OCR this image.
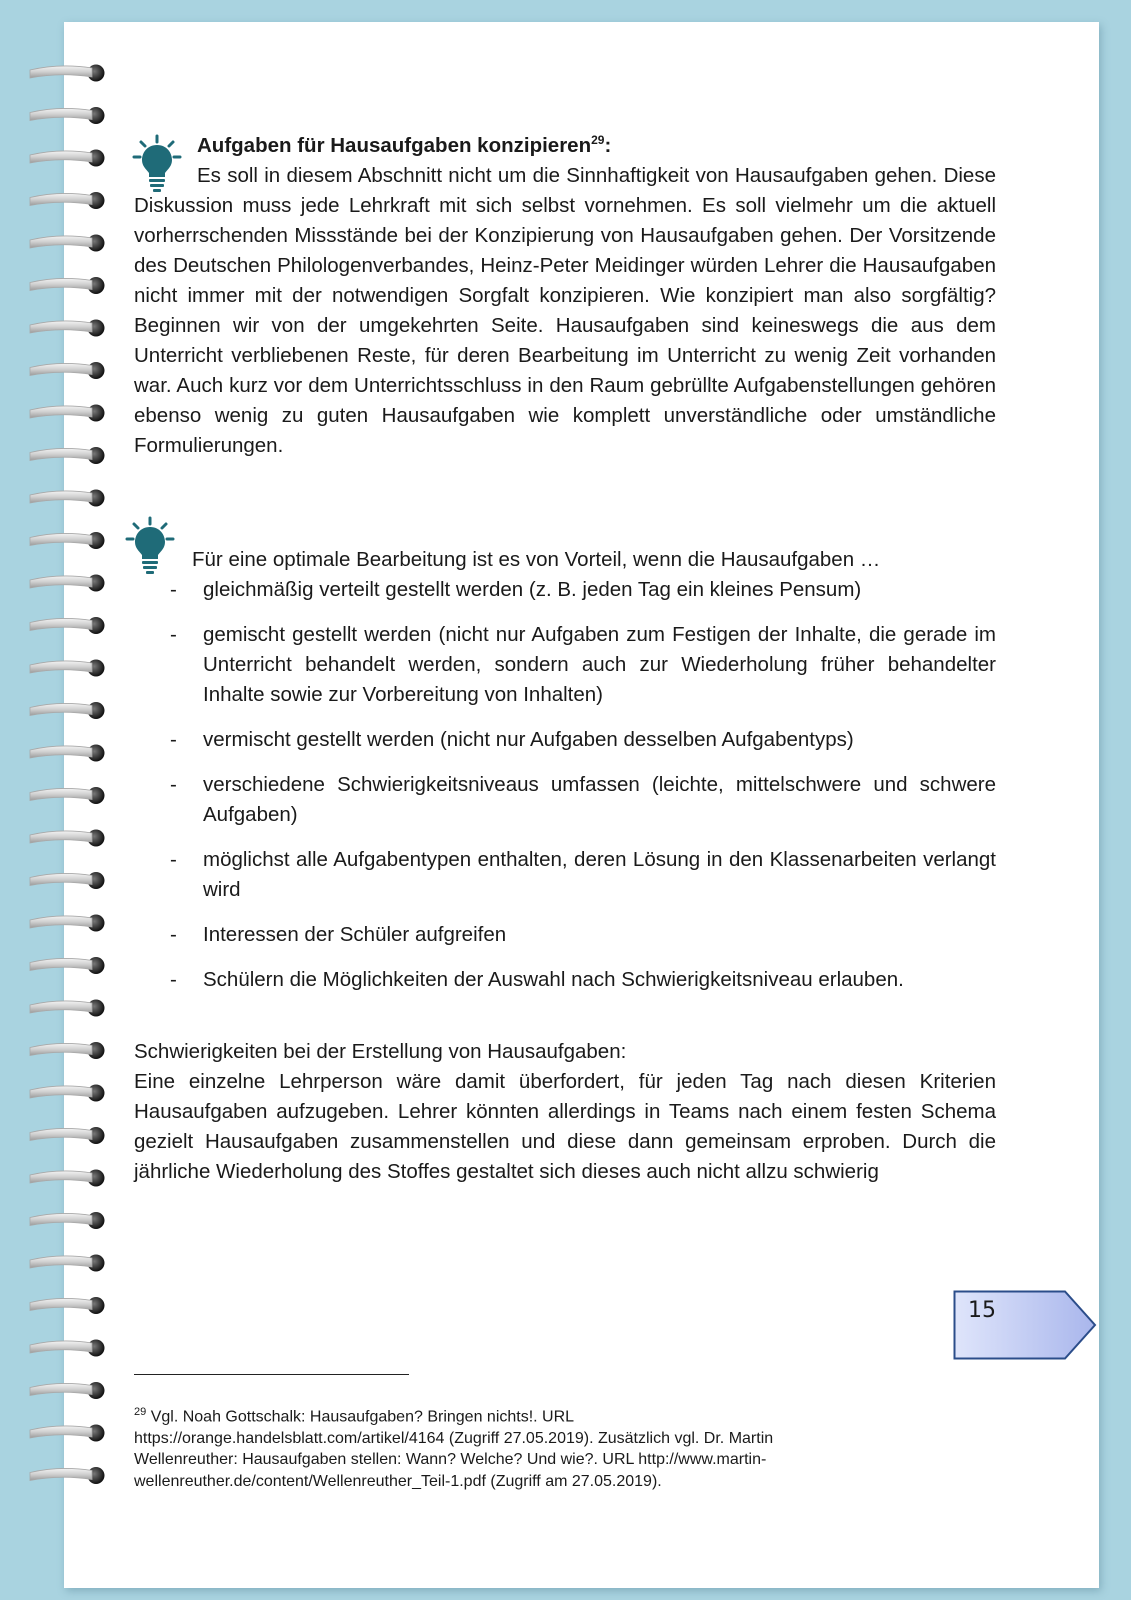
Aufgaben für Hausaufgaben konzipieren$^{29}$:
Es soll in diesem Abschnitt nicht um die Sinnhaftigkeit von Hausaufgaben gehen. Diese Diskussion muss jede Lehrkraft mit sich selbst vornehmen. Es soll vielmehr um die aktuell vorherrschenden Missstände bei der Konzipierung von Hausaufgaben gehen. Der Vorsitzende des Deutschen Philologenverbandes, Heinz-Peter Meidinger würden Lehrer die Hausaufgaben nicht immer mit der notwendigen Sorgfalt konzipieren. Wie konzipiert man also sorgfältig? Beginnen wir von der umgekehrten Seite. Hausaufgaben sind keineswegs die aus dem Unterricht verbliebenen Reste, für deren Bearbeitung im Unterricht zu wenig Zeit vorhanden war. Auch kurz vor dem Unterrichtsschluss in den Raum gebrüllte Aufgabenstellungen gehören ebenso wenig zu guten Hausaufgaben wie komplett unverständliche oder umständliche Formulierungen.
Für eine optimale Bearbeitung ist es von Vorteil, wenn die Hausaufgaben …
- gleichmäßig verteilt gestellt werden (z. B. jeden Tag ein kleines Pensum)
- gemischt gestellt werden (nicht nur Aufgaben zum Festigen der Inhalte, die gerade im Unterricht behandelt werden, sondern auch zur Wiederholung früher behandelter Inhalte sowie zur Vorbereitung von Inhalten)
- vermischt gestellt werden (nicht nur Aufgaben desselben Aufgabentyps)
- verschiedene Schwierigkeitsniveaus umfassen (leichte, mittelschwere und schwere Aufgaben)
- möglichst alle Aufgabentypen enthalten, deren Lösung in den Klassenarbeiten verlangt wird
- Interessen der Schüler aufgreifen
- Schülern die Möglichkeiten der Auswahl nach Schwierigkeitsniveau erlauben.
Schwierigkeiten bei der Erstellung von Hausaufgaben:
Eine einzelne Lehrperson wäre damit überfordert, für jeden Tag nach diesen Kriterien Hausaufgaben aufzugeben. Lehrer könnten allerdings in Teams nach einem festen Schema gezielt Hausaufgaben zusammenstellen und diese dann gemeinsam erproben. Durch die jährliche Wiederholung des Stoffes gestaltet sich dieses auch nicht allzu schwierig
15
$^{29}$ Vgl. Noah Gottschalk: Hausaufgaben? Bringen nichts!. URL
https://orange.handelsblatt.com/artikel/4164 (Zugriff 27.05.2019). Zusätzlich vgl. Dr. Martin
Wellenreuther: Hausaufgaben stellen: Wann? Welche? Und wie?. URL http://www.martin-
wellenreuther.de/content/Wellenreuther_Teil-1.pdf (Zugriff am 27.05.2019).
